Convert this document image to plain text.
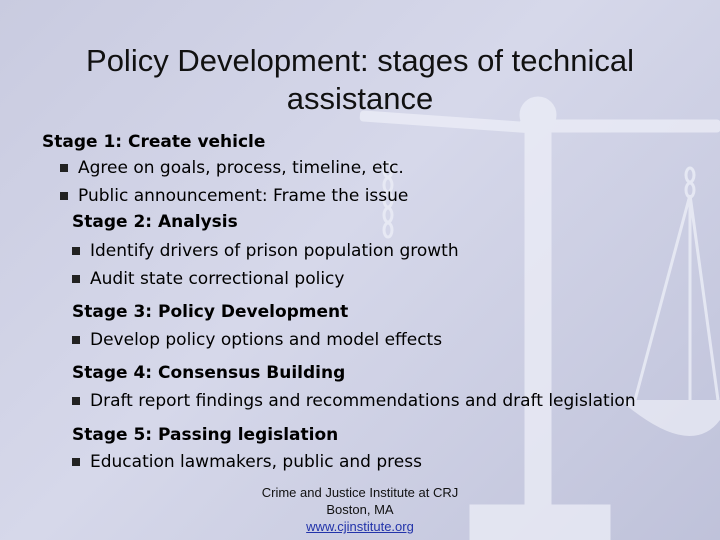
Policy Development: stages of technical
assistance
Stage 1: Create vehicle
Agree on goals, process, timeline, etc.
Public announcement: Frame the issue
Stage 2: Analysis
Identify drivers of prison population growth
Audit state correctional policy
Stage 3: Policy Development
Develop policy options and model effects
Stage 4: Consensus Building
Draft report findings and recommendations and draft legislation
Stage 5: Passing legislation
Education lawmakers, public and press
Crime and Justice Institute at CRJ
Boston, MA
www.cjinstitute.org
